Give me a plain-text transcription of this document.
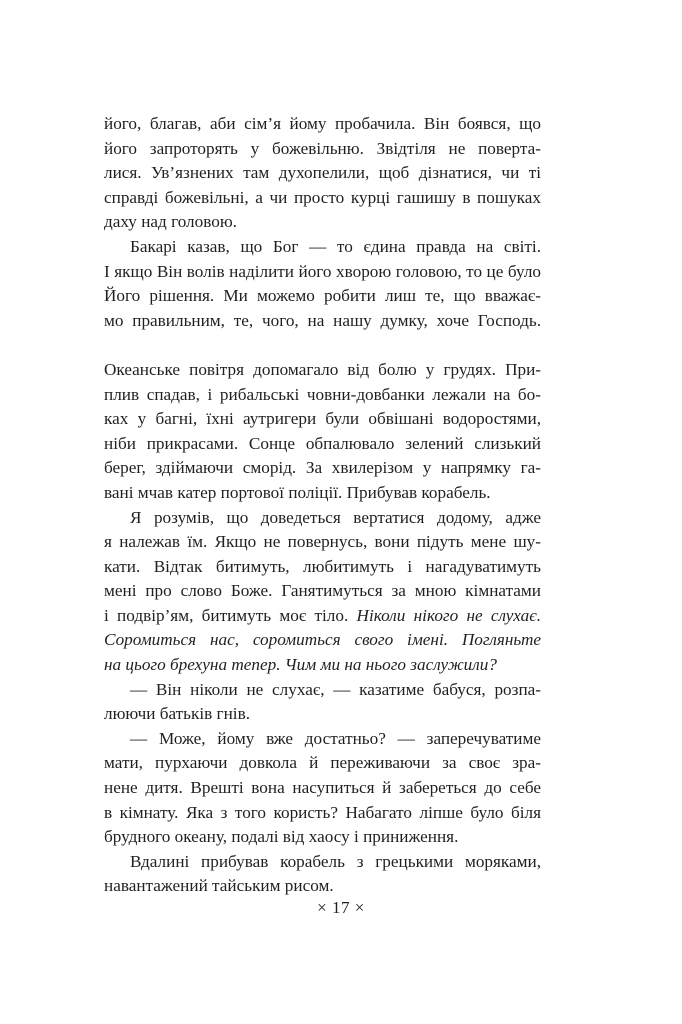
його, благав, аби сім’я йому пробачила. Він боявся, що
його запроторять у божевільню. Звідтіля не поверта-
лися. Ув’язнених там духопелили, щоб дізнатися, чи ті
справді божевільні, а чи просто курці гашишу в пошуках
даху над головою.
Бакарі казав, що Бог — то єдина правда на світі.
І якщо Він волів наділити його хворою головою, то це було
Його рішення. Ми можемо робити лиш те, що вважає-
мо правильним, те, чого, на нашу думку, хоче Господь.
Океанське повітря допомагало від болю у грудях. При-
плив спадав, і рибальські човни-довбанки лежали на бо-
ках у багні, їхні аутригери були обвішані водоростями,
ніби прикрасами. Сонце обпалювало зелений слизький
берег, здіймаючи сморід. За хвилерізом у напрямку га-
вані мчав катер портової поліції. Прибував корабель.
Я розумів, що доведеться вертатися додому, адже
я належав їм. Якщо не повернусь, вони підуть мене шу-
кати. Відтак битимуть, любитимуть і нагадуватимуть
мені про слово Боже. Ганятимуться за мною кімнатами
і подвір’ям, битимуть моє тіло. Ніколи нікого не слухає.
Соромиться нас, соромиться свого імені. Погляньте
на цього брехуна тепер. Чим ми на нього заслужили?
— Він ніколи не слухає, — казатиме бабуся, розпа-
люючи батьків гнів.
— Може, йому вже достатньо? — заперечуватиме
мати, пурхаючи довкола й переживаючи за своє зра-
нене дитя. Врешті вона насупиться й забереться до себе
в кімнату. Яка з того користь? Набагато ліпше було біля
брудного океану, подалі від хаосу і приниження.
Вдалині прибував корабель з грецькими моряками,
навантажений тайським рисом.
× 17 ×
